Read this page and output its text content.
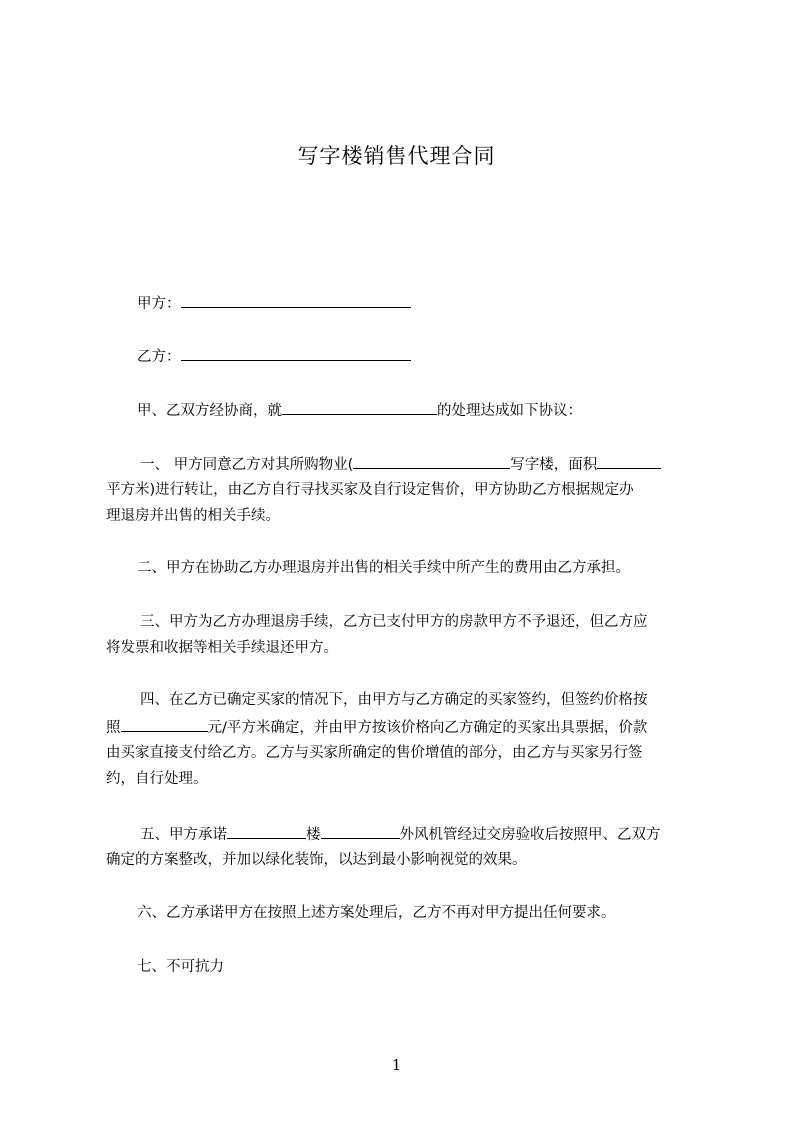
写字楼销售代理合同
甲方：
乙方：
甲、乙双方经协商，就	的处理达成如下协议：
一、 甲方同意乙方对其所购物业(	写字楼，面积
平方米)进行转让，由乙方自行寻找买家及自行设定售价，甲方协助乙方根据规定办
理退房并出售的相关手续。
二、甲方在协助乙方办理退房并出售的相关手续中所产生的费用由乙方承担。
三、甲方为乙方办理退房手续，乙方已支付甲方的房款甲方不予退还，但乙方应
将发票和收据等相关手续退还甲方。
四、在乙方已确定买家的情况下，由甲方与乙方确定的买家签约，但签约价格按
照	元/平方米确定，并由甲方按该价格向乙方确定的买家出具票据，价款
由买家直接支付给乙方。乙方与买家所确定的售价增值的部分，由乙方与买家另行签
约，自行处理。
五、甲方承诺	楼	外风机管经过交房验收后按照甲、乙双方
确定的方案整改，并加以绿化装饰，以达到最小影响视觉的效果。
六、乙方承诺甲方在按照上述方案处理后，乙方不再对甲方提出任何要求。
七、不可抗力
1
